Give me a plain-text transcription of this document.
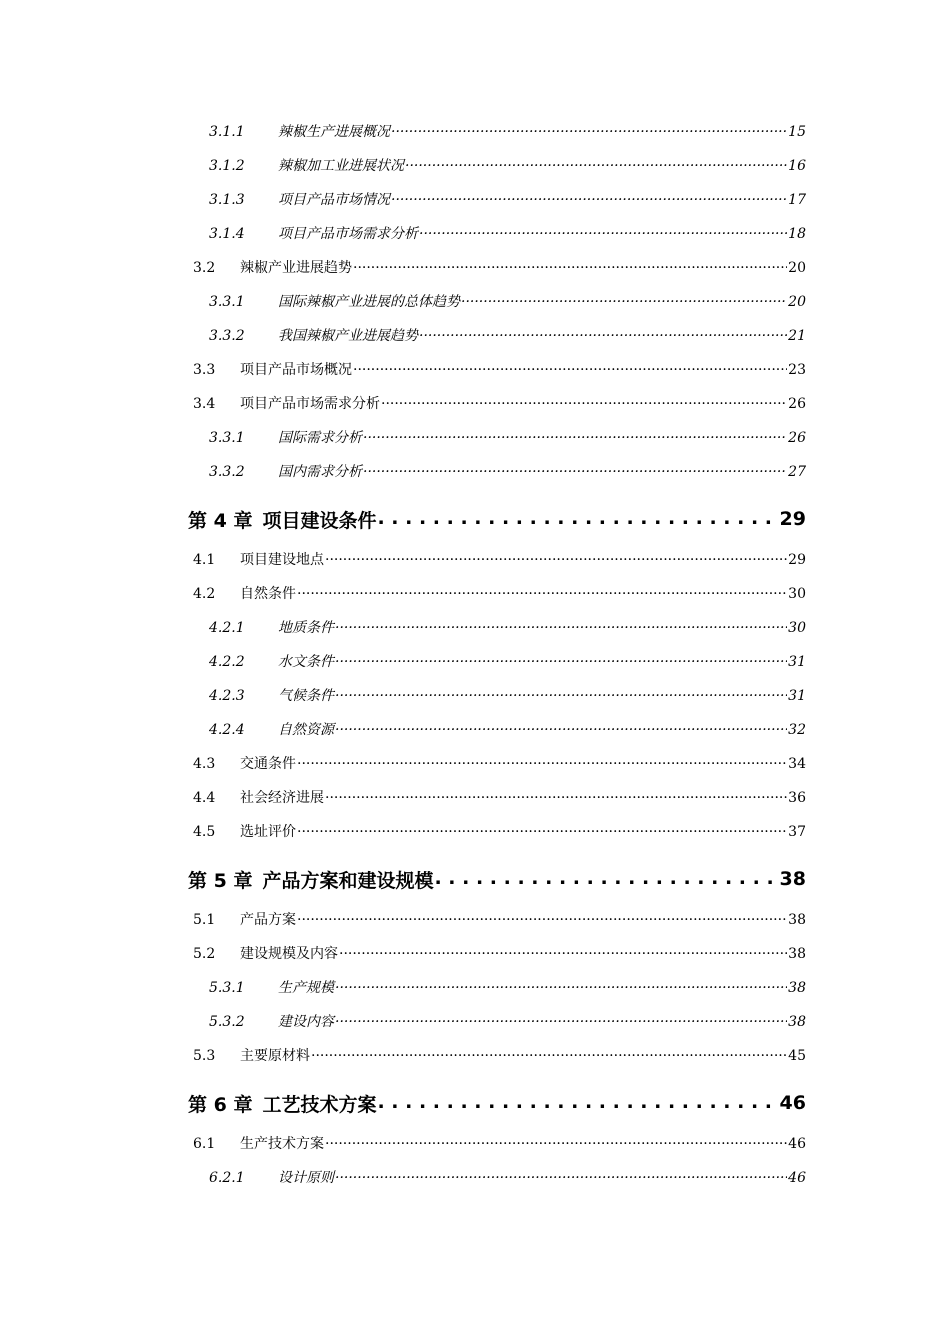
3.1.1	辣椒生产进展概况 .....	15
3.1.2	辣椒加工业进展状况 .....	16
3.1.3	项目产品市场情况 .....	17
3.1.4	项目产品市场需求分析 .....	18
3.2	辣椒产业进展趋势 .....	20
3.3.1	国际辣椒产业进展的总体趋势 .....	20
3.3.2	我国辣椒产业进展趋势 .....	21
3.3	项目产品市场概况 .....	23
3.4	项目产品市场需求分析 .....	26
3.3.1	国际需求分析 .....	26
3.3.2	国内需求分析 .....	27
第 4 章 项目建设条件 . . .	29
4.1	项目建设地点 .....	29
4.2	自然条件 .....	30
4.2.1	地质条件 .....	30
4.2.2	水文条件 .....	31
4.2.3	气候条件 .....	31
4.2.4	自然资源 .....	32
4.3	交通条件 .....	34
4.4	社会经济进展 .....	36
4.5	选址评价 .....	37
第 5 章 产品方案和建设规模 . . .	38
5.1	产品方案 .....	38
5.2	建设规模及内容 .....	38
5.3.1	生产规模 .....	38
5.3.2	建设内容 .....	38
5.3	主要原材料 .....	45
第 6 章 工艺技术方案 . . .	46
6.1	生产技术方案 .....	46
6.2.1	设计原则 .....	46
